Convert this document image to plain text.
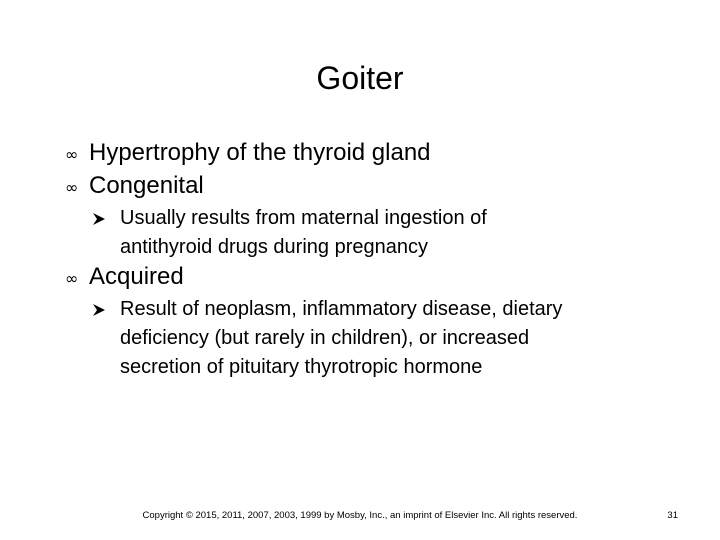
Goiter
∞ Hypertrophy of the thyroid gland
∞ Congenital
Usually results from maternal ingestion of
antithyroid drugs during pregnancy
∞ Acquired
Result of neoplasm, inflammatory disease, dietary
deficiency (but rarely in children), or increased
secretion of pituitary thyrotropic hormone
Copyright © 2015, 2011, 2007, 2003, 1999 by Mosby, Inc., an imprint of Elsevier Inc. All rights reserved.	31
